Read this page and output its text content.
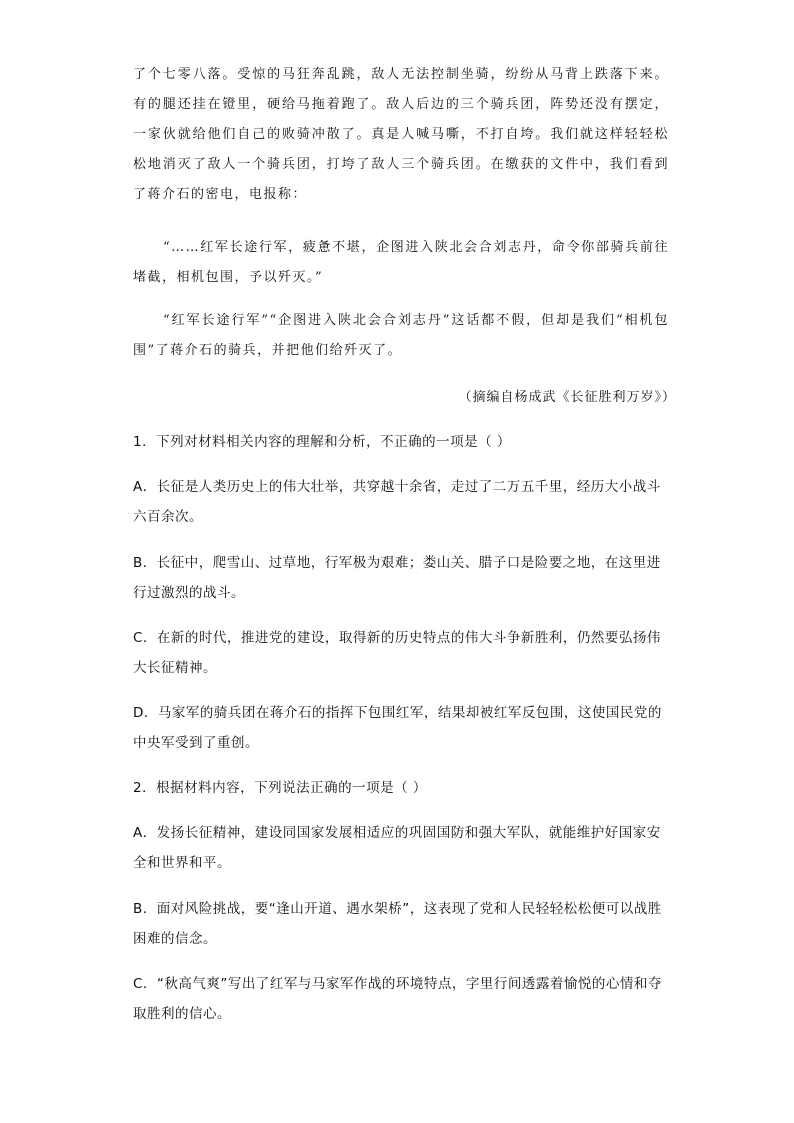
了个七零八落。受惊的马狂奔乱跳，敌人无法控制坐骑，纷纷从马背上跌落下来。有的腿还挂在镫里，硬给马拖着跑了。敌人后边的三个骑兵团，阵势还没有摆定，一家伙就给他们自己的败骑冲散了。真是人喊马嘶，不打自垮。我们就这样轻轻松松地消灭了敌人一个骑兵团，打垮了敌人三个骑兵团。在缴获的文件中，我们看到了蒋介石的密电，电报称：

“……红军长途行军，疲惫不堪，企图进入陕北会合刘志丹，命令你部骑兵前往堵截，相机包围，予以歼灭。”

“红军长途行军”“企图进入陕北会合刘志丹”这话都不假，但却是我们“相机包围”了蒋介石的骑兵，并把他们给歼灭了。

（摘编自杨成武《长征胜利万岁》）

1．下列对材料相关内容的理解和分析，不正确的一项是（ ）

A．长征是人类历史上的伟大壮举，共穿越十余省，走过了二万五千里，经历大小战斗六百余次。

B．长征中，爬雪山、过草地，行军极为艰难；娄山关、腊子口是险要之地，在这里进行过激烈的战斗。

C．在新的时代，推进党的建设，取得新的历史特点的伟大斗争新胜利，仍然要弘扬伟大长征精神。

D．马家军的骑兵团在蒋介石的指挥下包围红军，结果却被红军反包围，这使国民党的中央军受到了重创。

2．根据材料内容，下列说法正确的一项是（ ）

A．发扬长征精神，建设同国家发展相适应的巩固国防和强大军队，就能维护好国家安全和世界和平。

B．面对风险挑战，要“逢山开道、遇水架桥”，这表现了党和人民轻轻松松便可以战胜困难的信念。

C．“秋高气爽”写出了红军与马家军作战的环境特点，字里行间透露着愉悦的心情和夺取胜利的信心。
